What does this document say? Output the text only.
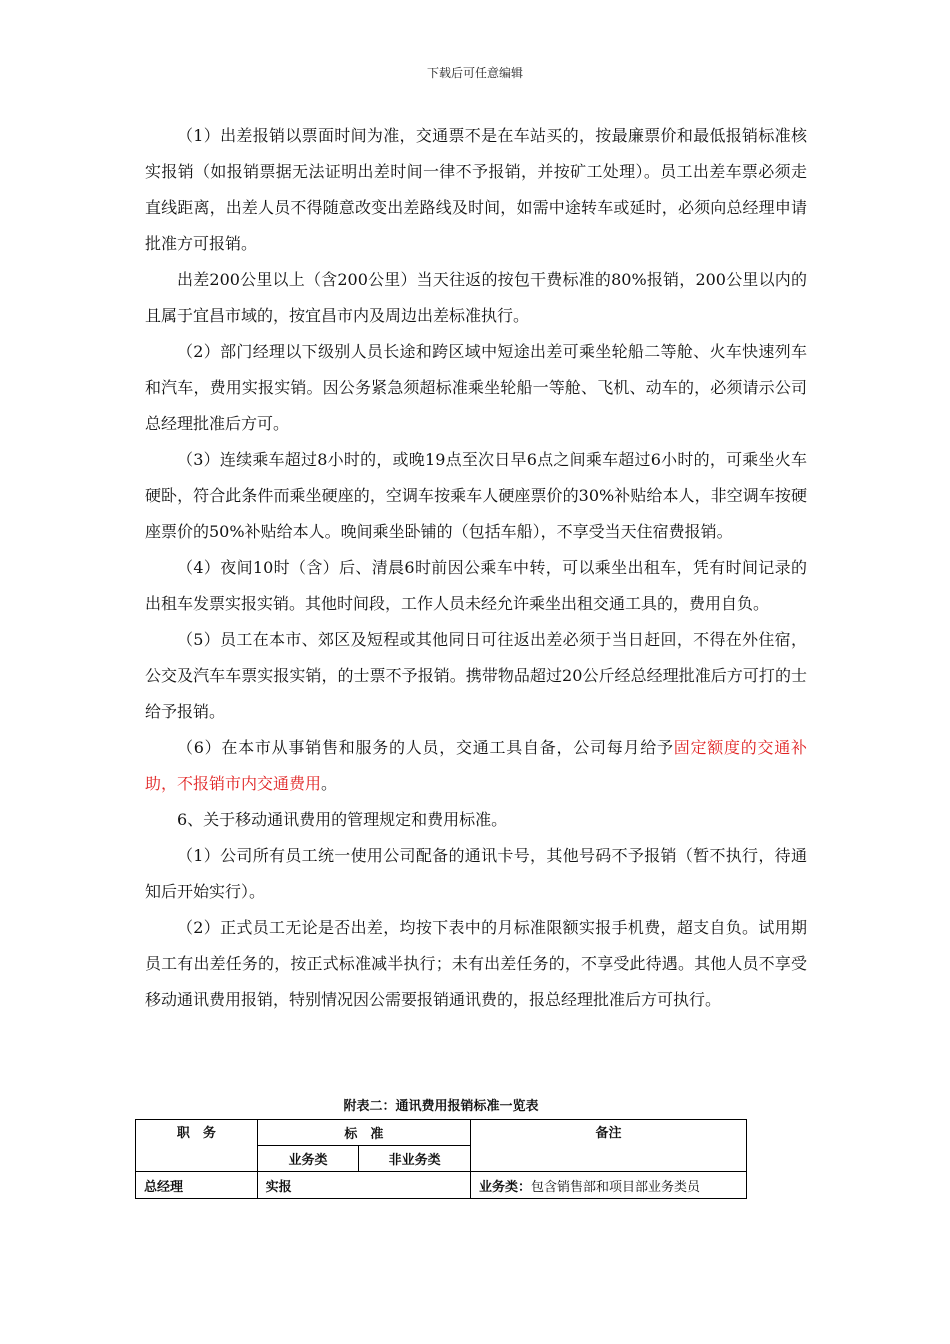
下载后可任意编辑

（1）出差报销以票面时间为准，交通票不是在车站买的，按最廉票价和最低报销标准核实报销（如报销票据无法证明出差时间一律不予报销，并按矿工处理）。员工出差车票必须走直线距离，出差人员不得随意改变出差路线及时间，如需中途转车或延时，必须向总经理申请批准方可报销。

出差200公里以上（含200公里）当天往返的按包干费标准的80%报销，200公里以内的且属于宜昌市域的，按宜昌市内及周边出差标准执行。

（2）部门经理以下级别人员长途和跨区域中短途出差可乘坐轮船二等舱、火车快速列车和汽车，费用实报实销。因公务紧急须超标准乘坐轮船一等舱、飞机、动车的，必须请示公司总经理批准后方可。

（3）连续乘车超过8小时的，或晚19点至次日早6点之间乘车超过6小时的，可乘坐火车硬卧，符合此条件而乘坐硬座的，空调车按乘车人硬座票价的30%补贴给本人，非空调车按硬座票价的50%补贴给本人。晚间乘坐卧铺的（包括车船），不享受当天住宿费报销。

（4）夜间10时（含）后、清晨6时前因公乘车中转，可以乘坐出租车，凭有时间记录的出租车发票实报实销。其他时间段，工作人员未经允许乘坐出租交通工具的，费用自负。

（5）员工在本市、郊区及短程或其他同日可往返出差必须于当日赶回，不得在外住宿，公交及汽车车票实报实销，的士票不予报销。携带物品超过20公斤经总经理批准后方可打的士给予报销。

（6）在本市从事销售和服务的人员，交通工具自备，公司每月给予固定额度的交通补助，不报销市内交通费用。

6、关于移动通讯费用的管理规定和费用标准。

（1）公司所有员工统一使用公司配备的通讯卡号，其他号码不予报销（暂不执行，待通知后开始实行）。

（2）正式员工无论是否出差，均按下表中的月标准限额实报手机费，超支自负。试用期员工有出差任务的，按正式标准减半执行；未有出差任务的，不享受此待遇。其他人员不享受移动通讯费用报销，特别情况因公需要报销通讯费的，报总经理批准后方可执行。

附表二：通讯费用报销标准一览表
职　务	标　准		备注
	业务类	非业务类	
总经理	实报		业务类：包含销售部和项目部业务类员
